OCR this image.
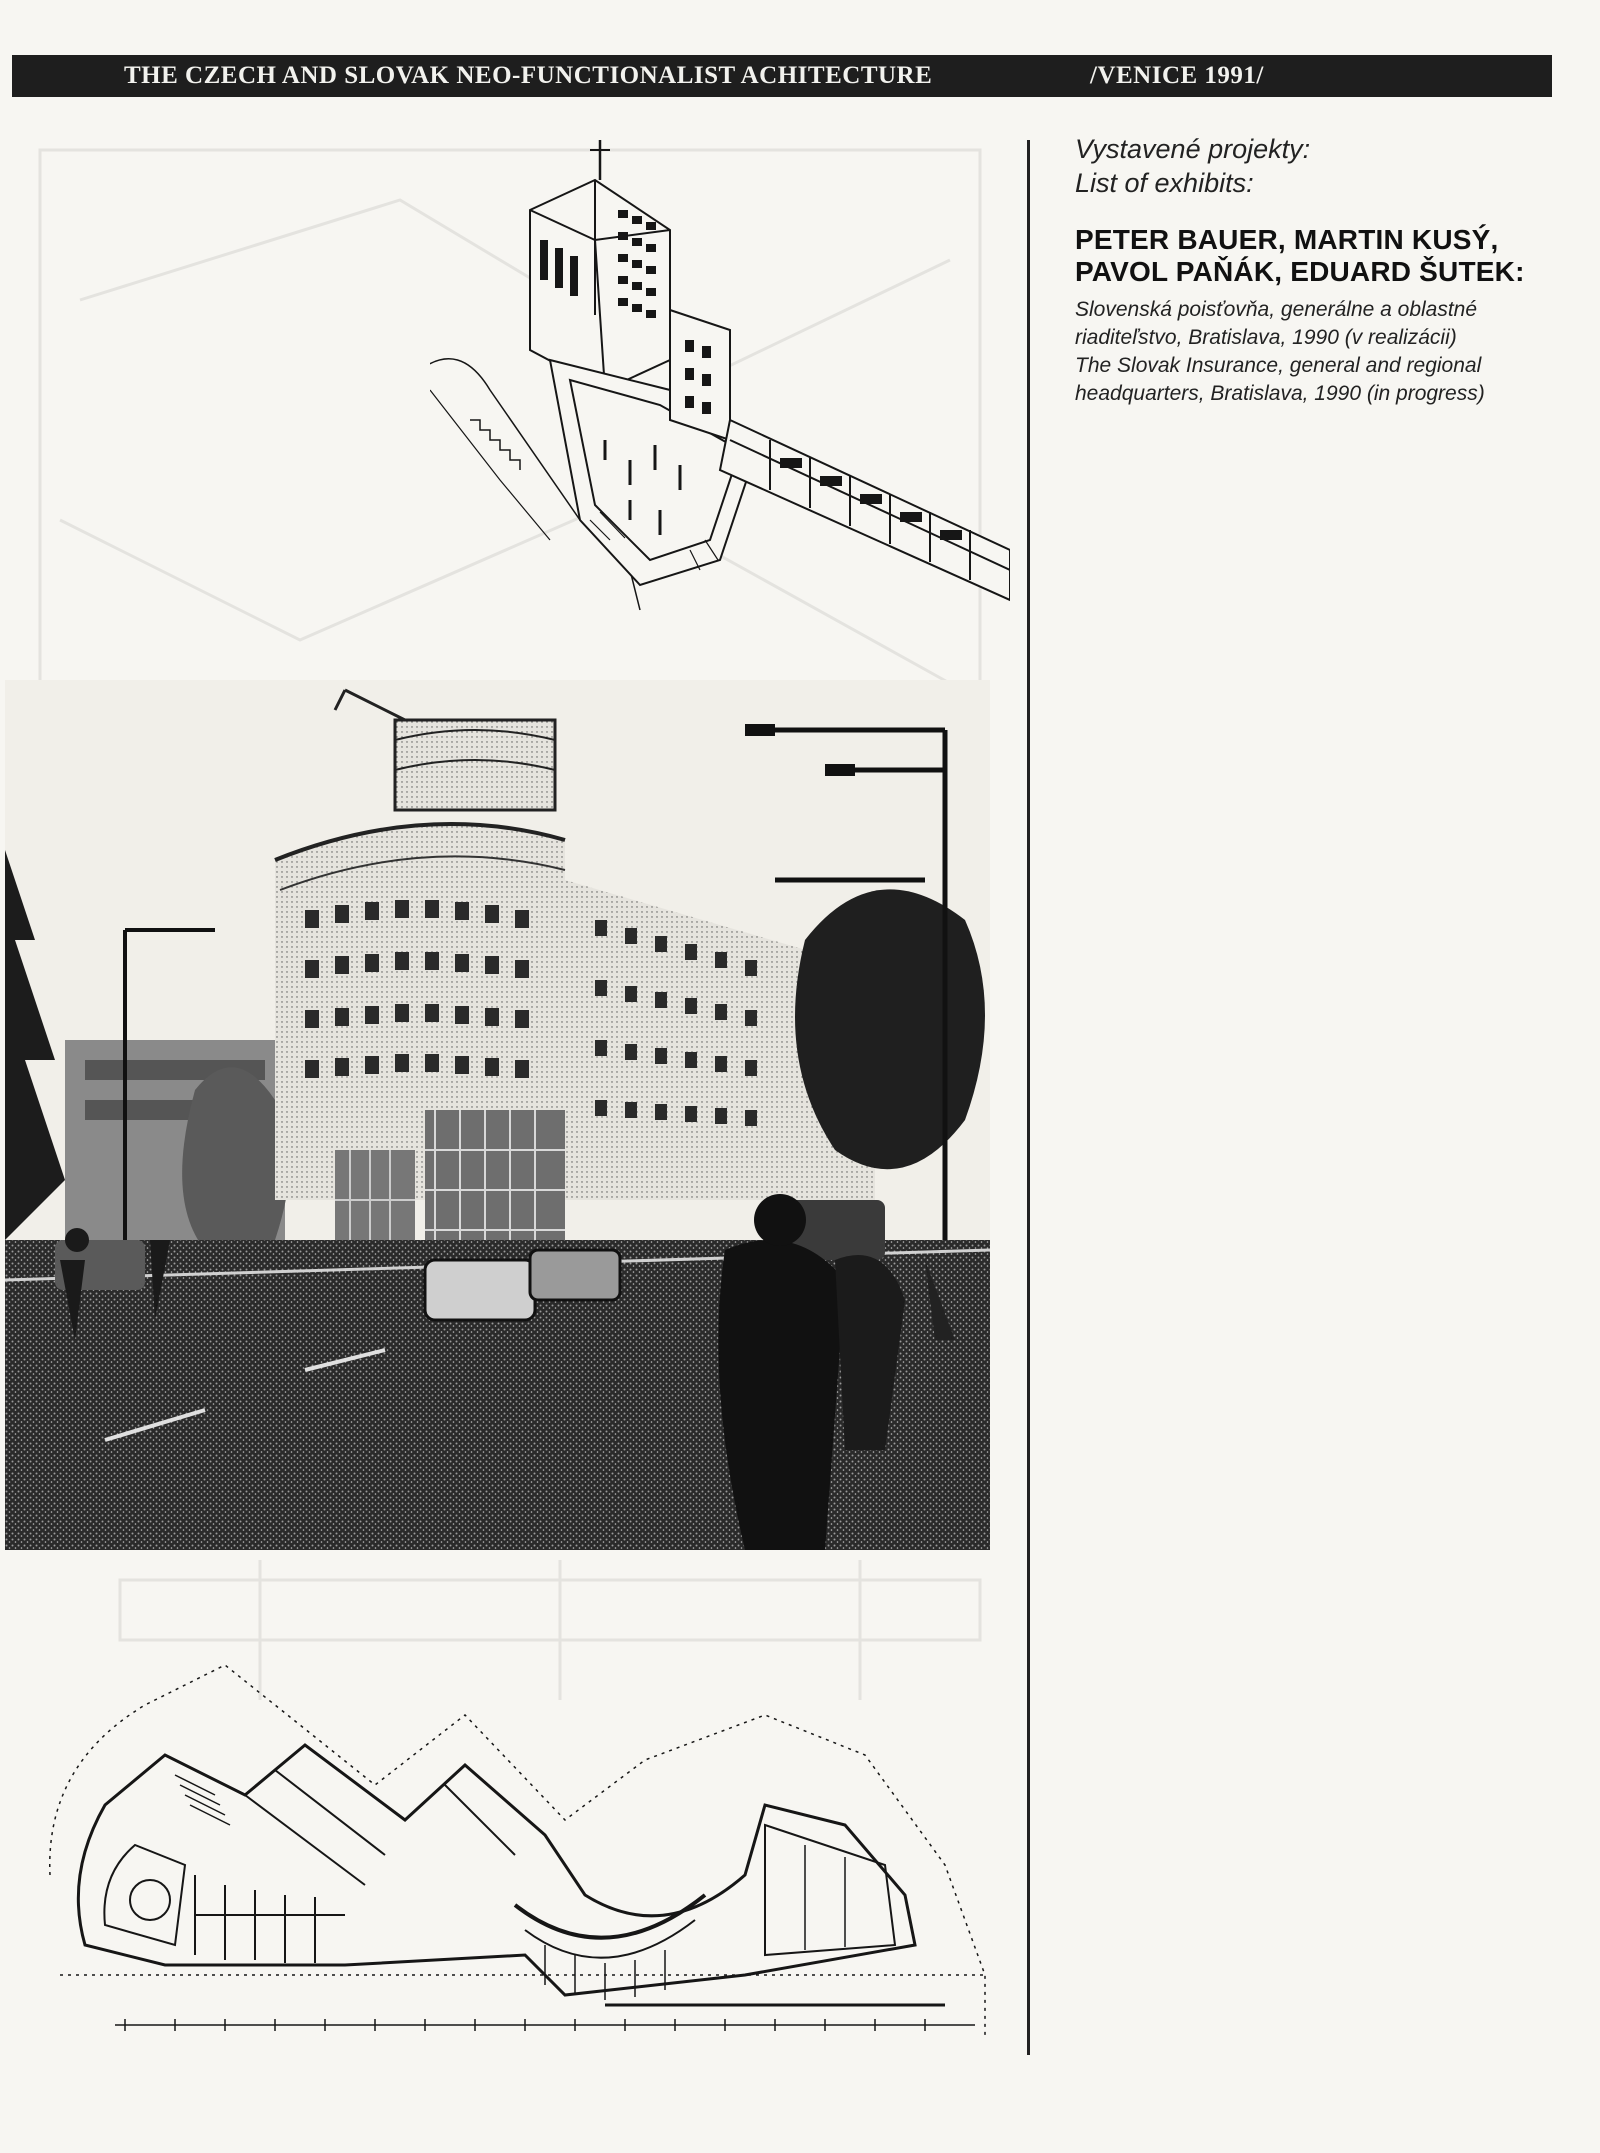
THE CZECH AND SLOVAK NEO-FUNCTIONALIST ACHITECTURE	/VENICE 1991/

Vystavené projekty:
List of exhibits:

PETER BAUER, MARTIN KUSÝ,
PAVOL PAŇÁK, EDUARD ŠUTEK:

Slovenská poisťovňa, generálne a oblastné
riaditeľstvo, Bratislava, 1990 (v realizácii)
The Slovak Insurance, general and regional
headquarters, Bratislava, 1990 (in progress)
